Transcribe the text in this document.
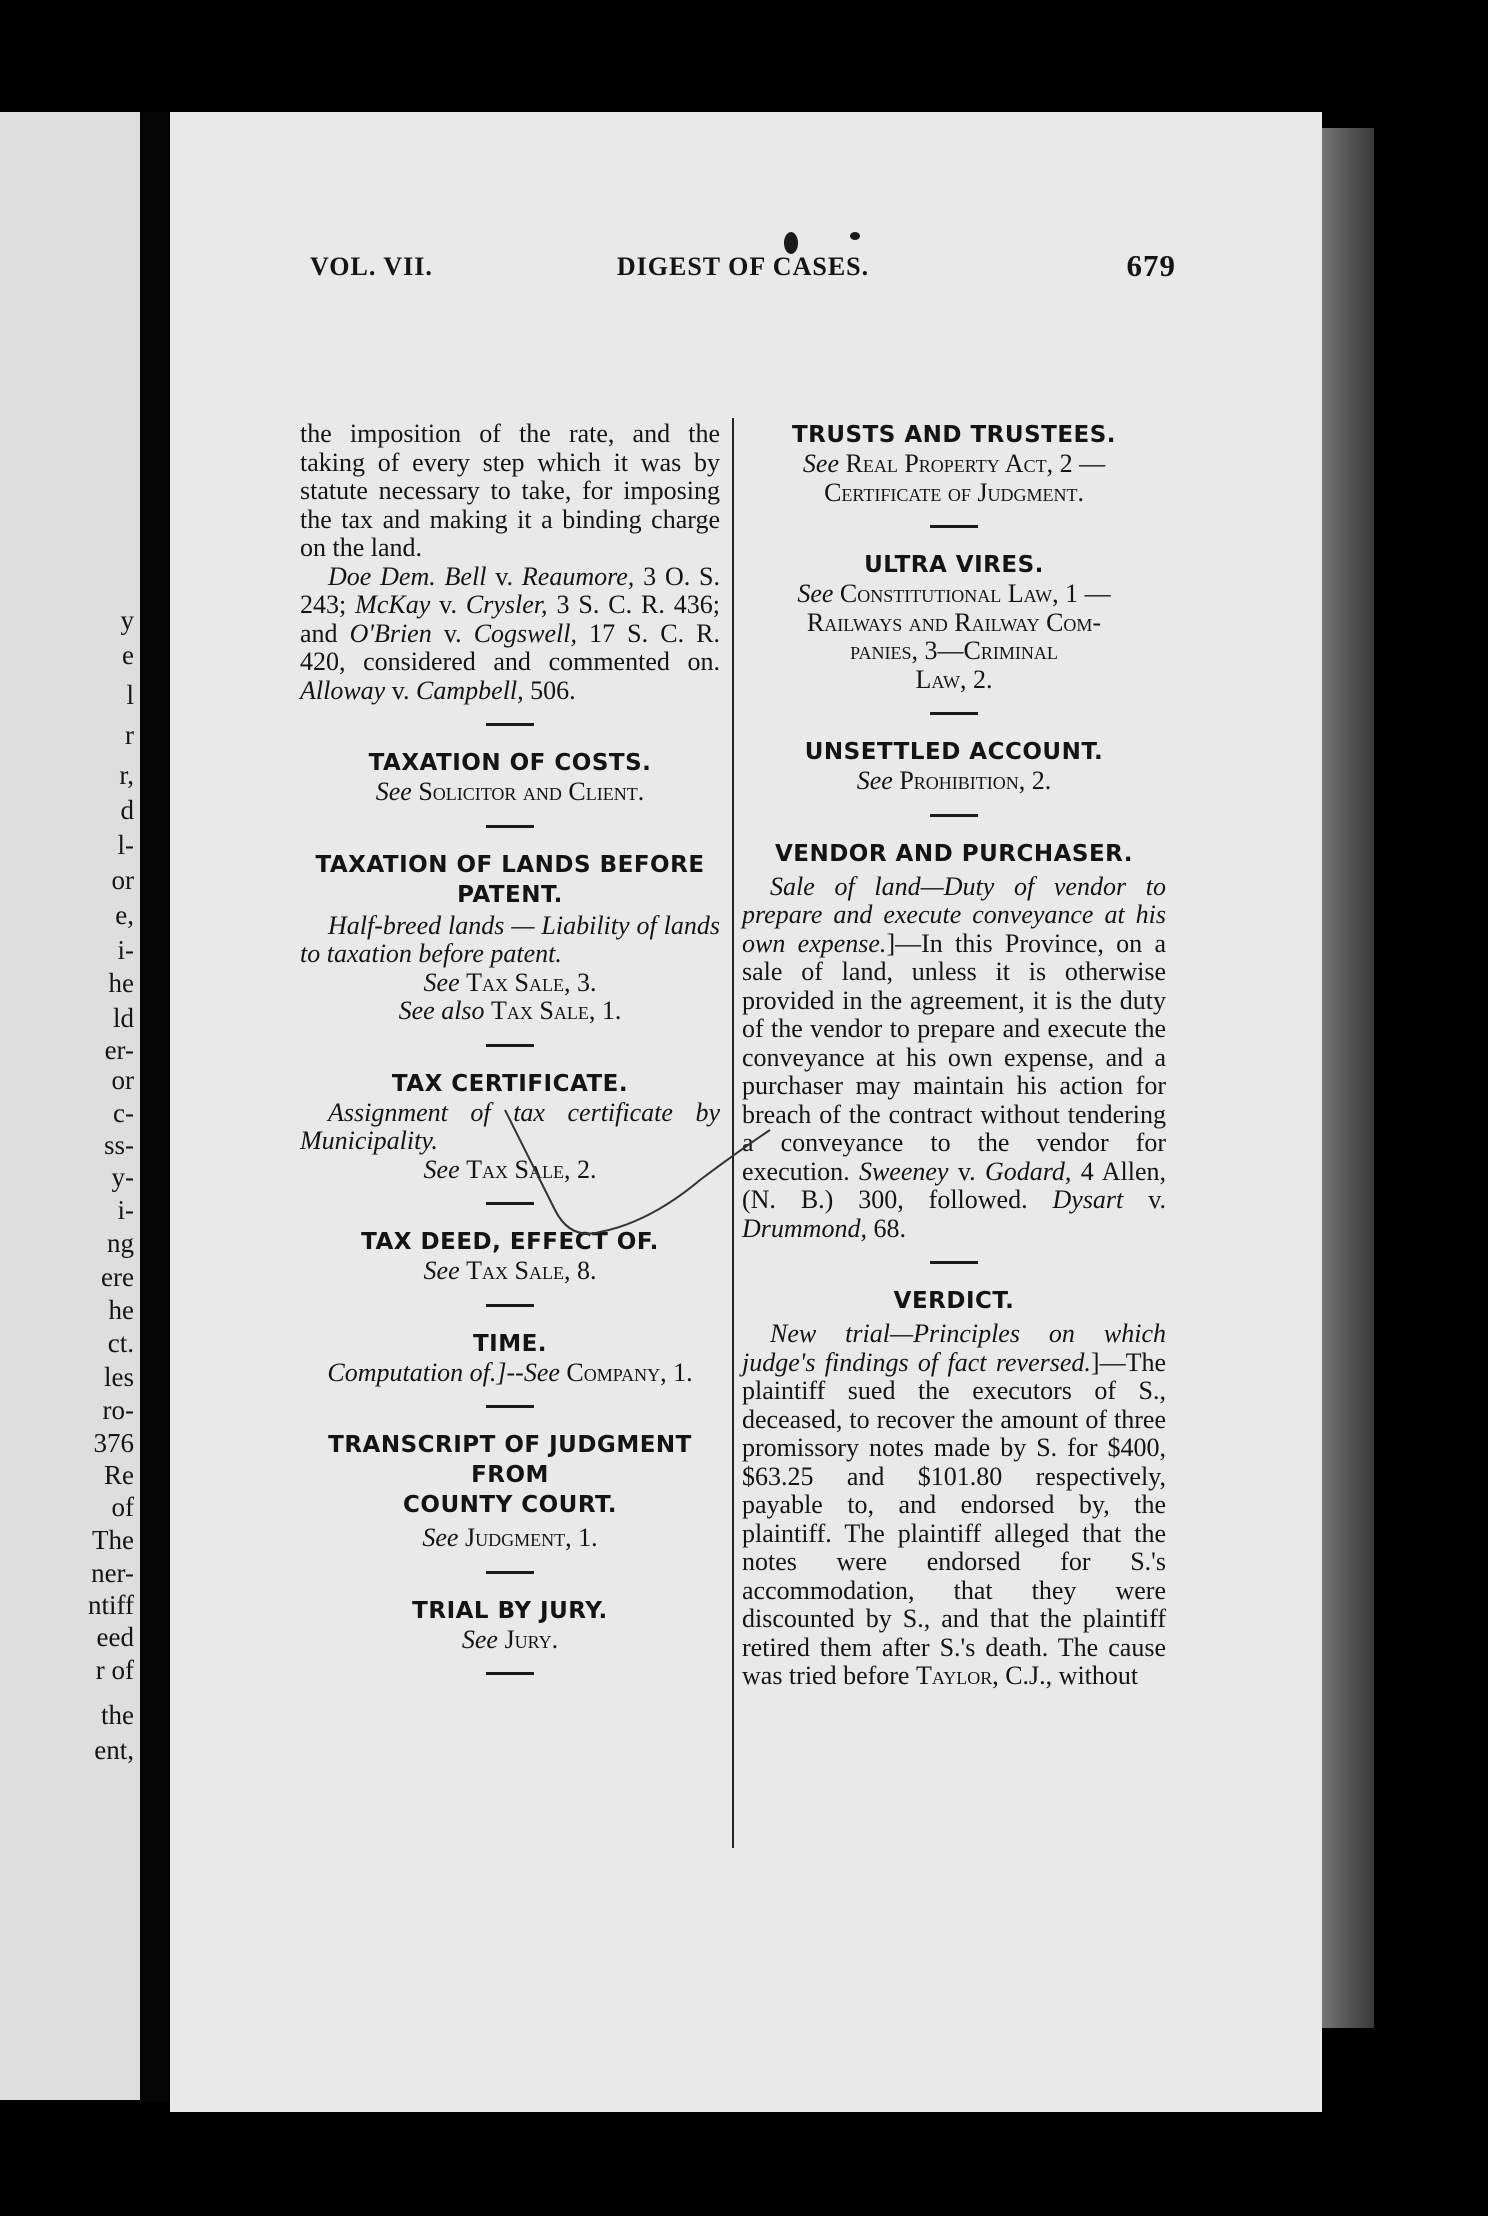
y
e
l
r
r,
d
l-
or
e,
i-
he
ld
er-
or
c-
ss-
y-
i-
ng
ere
he
ct.
les
ro-
376
Re
of
The
ner-
ntiff
eed
r of
the
ent,
VOL. VII.	DIGEST OF CASES.	679

the imposition of the rate, and the taking of every step which it was by statute necessary to take, for imposing the tax and making it a binding charge on the land.

Doe Dem. Bell v. Reaumore, 3 O. S. 243; McKay v. Crysler, 3 S. C. R. 436; and O'Brien v. Cogswell, 17 S. C. R. 420, considered and commented on. Alloway v. Campbell, 506.

TAXATION OF COSTS.
See Solicitor and Client.
TAXATION OF LANDS BEFORE
PATENT.
Half-breed lands — Liability of lands to taxation before patent.
See Tax Sale, 3.
See also Tax Sale, 1.
TAX CERTIFICATE.
Assignment of tax certificate by Municipality.
See Tax Sale, 2.
TAX DEED, EFFECT OF.
See Tax Sale, 8.
TIME.
Computation of.]--See Company, 1.
TRANSCRIPT OF JUDGMENT FROM
COUNTY COURT.
See Judgment, 1.
TRIAL BY JURY.
See Jury.
TRUSTS AND TRUSTEES.
See Real Property Act, 2 —
Certificate of Judgment.
ULTRA VIRES.
See Constitutional Law, 1 —
Railways and Railway Com-
panies, 3—Criminal
Law, 2.
UNSETTLED ACCOUNT.
See Prohibition, 2.
VENDOR AND PURCHASER.

Sale of land—Duty of vendor to prepare and execute conveyance at his own expense.]—In this Province, on a sale of land, unless it is otherwise provided in the agreement, it is the duty of the vendor to prepare and execute the conveyance at his own expense, and a purchaser may maintain his action for breach of the contract without tendering a conveyance to the vendor for execution. Sweeney v. Godard, 4 Allen, (N. B.) 300, followed. Dysart v. Drummond, 68.

VERDICT.

New trial—Principles on which judge's findings of fact reversed.]—The plaintiff sued the executors of S., deceased, to recover the amount of three promissory notes made by S. for $400, $63.25 and $101.80 respectively, payable to, and endorsed by, the plaintiff. The plaintiff alleged that the notes were endorsed for S.'s accommodation, that they were discounted by S., and that the plaintiff retired them after S.'s death. The cause was tried before Taylor, C.J., without
